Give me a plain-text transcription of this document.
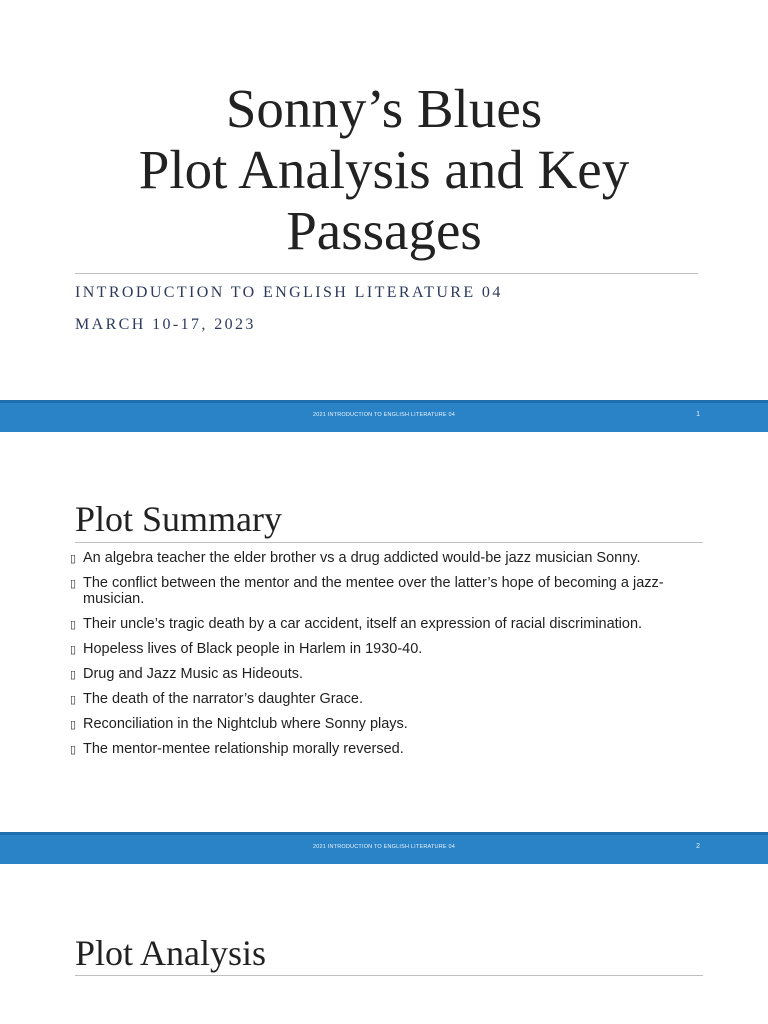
Sonny’s Blues
Plot Analysis and Key
Passages
INTRODUCTION TO ENGLISH LITERATURE 04
MARCH 10-17, 2023
2021 INTRODUCTION TO ENGLISH LITERATURE 04	1
Plot Summary
▯ An algebra teacher the elder brother vs a drug addicted would-be jazz musician Sonny.
▯ The conflict between the mentor and the mentee over the latter’s hope of becoming a jazz-musician.
▯ Their uncle’s tragic death by a car accident, itself an expression of racial discrimination.
▯ Hopeless lives of Black people in Harlem in 1930-40.
▯ Drug and Jazz Music as Hideouts.
▯ The death of the narrator’s daughter Grace.
▯ Reconciliation in the Nightclub where Sonny plays.
▯ The mentor-mentee relationship morally reversed.
2021 INTRODUCTION TO ENGLISH LITERATURE 04	2
Plot Analysis
